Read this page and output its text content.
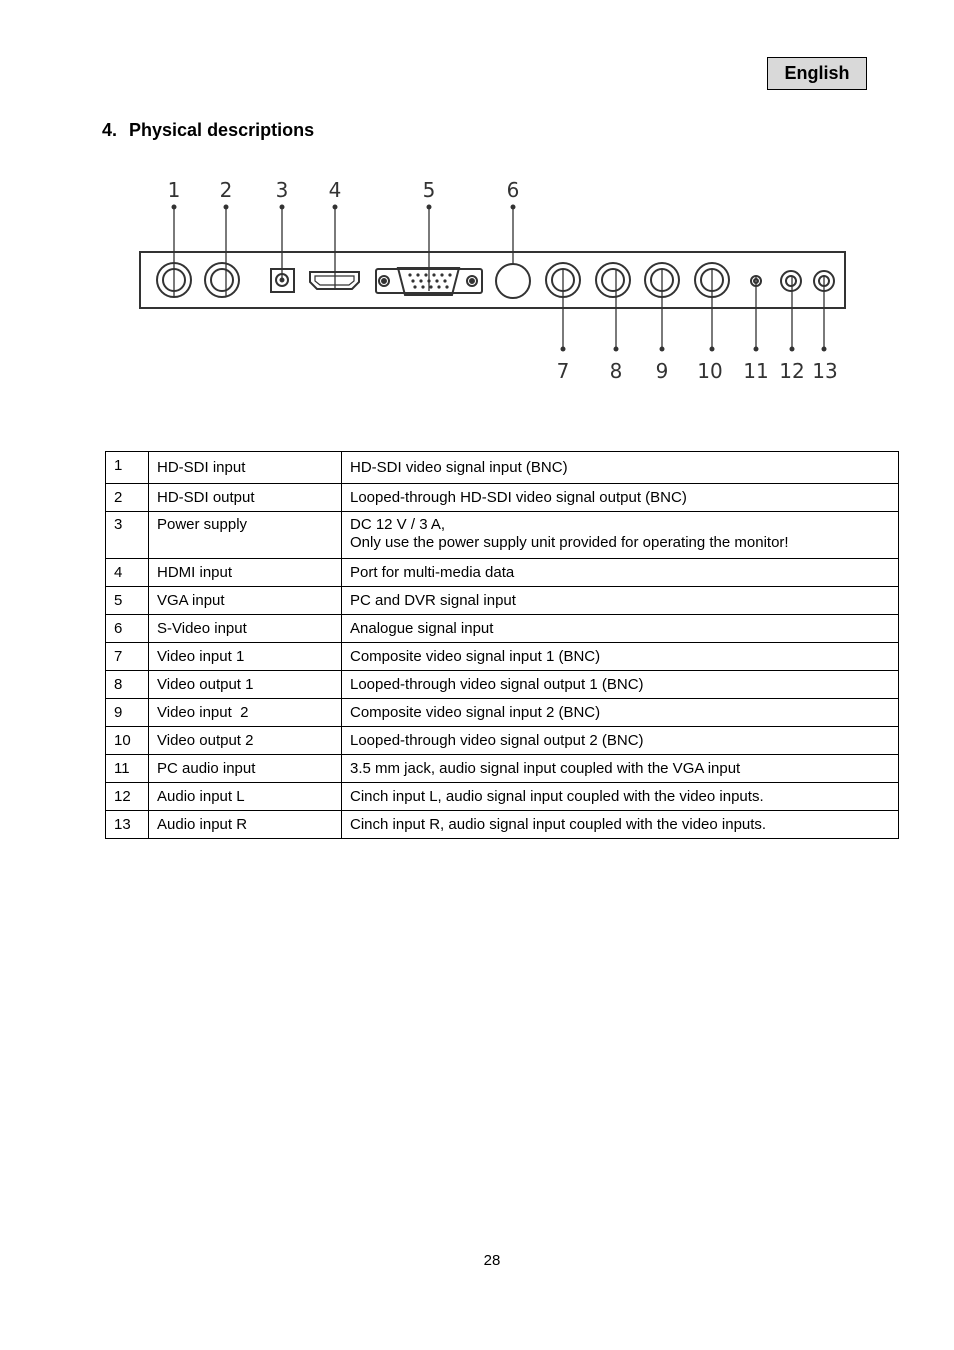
English
4. Physical descriptions
1 2 3 4	5	6
7 8 9 10 11 12 13
1	HD-SDI input	HD-SDI video signal input (BNC)
2	HD-SDI output	Looped-through HD-SDI video signal output (BNC)
3	Power supply	DC 12 V / 3 A,
Only use the power supply unit provided for operating the monitor!

4	HDMI input	Port for multi-media data
5	VGA input	PC and DVR signal input
6	S-Video input	Analogue signal input
7	Video input 1	Composite video signal input 1 (BNC)
8	Video output 1	Looped-through video signal output 1 (BNC)
9	Video input  2	Composite video signal input 2 (BNC)
10	Video output 2	Looped-through video signal output 2 (BNC)
11	PC audio input	3.5 mm jack, audio signal input coupled with the VGA input
12	Audio input L	Cinch input L, audio signal input coupled with the video inputs.
13	Audio input R	Cinch input R, audio signal input coupled with the video inputs.
28
